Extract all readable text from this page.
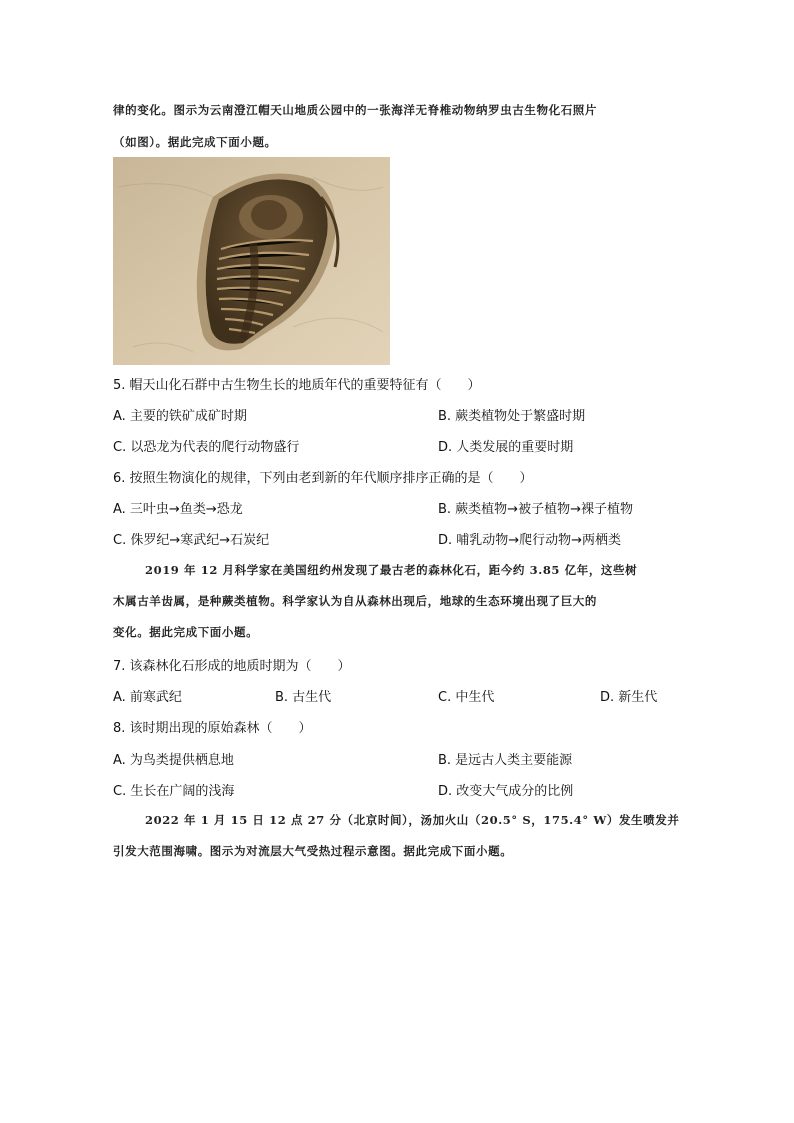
律的变化。图示为云南澄江帽天山地质公园中的一张海洋无脊椎动物纳罗虫古生物化石照片
（如图）。据此完成下面小题。
5. 帽天山化石群中古生物生长的地质年代的重要特征有（　　）
A. 主要的铁矿成矿时期	B. 蕨类植物处于繁盛时期
C. 以恐龙为代表的爬行动物盛行	D. 人类发展的重要时期
6. 按照生物演化的规律，下列由老到新的年代顺序排序正确的是（　　）
A. 三叶虫→鱼类→恐龙	B. 蕨类植物→被子植物→裸子植物
C. 侏罗纪→寒武纪→石炭纪	D. 哺乳动物→爬行动物→两栖类
2019 年 12 月科学家在美国纽约州发现了最古老的森林化石，距今约 3.85 亿年，这些树
木属古羊齿属，是种蕨类植物。科学家认为自从森林出现后，地球的生态环境出现了巨大的
变化。据此完成下面小题。
7. 该森林化石形成的地质时期为（　　）
A. 前寒武纪	B. 古生代	C. 中生代	D. 新生代
8. 该时期出现的原始森林（　　）
A. 为鸟类提供栖息地	B. 是远古人类主要能源
C. 生长在广阔的浅海	D. 改变大气成分的比例
2022 年 1 月 15 日 12 点 27 分（北京时间），汤加火山（20.5° S，175.4° W）发生喷发并
引发大范围海啸。图示为对流层大气受热过程示意图。据此完成下面小题。
